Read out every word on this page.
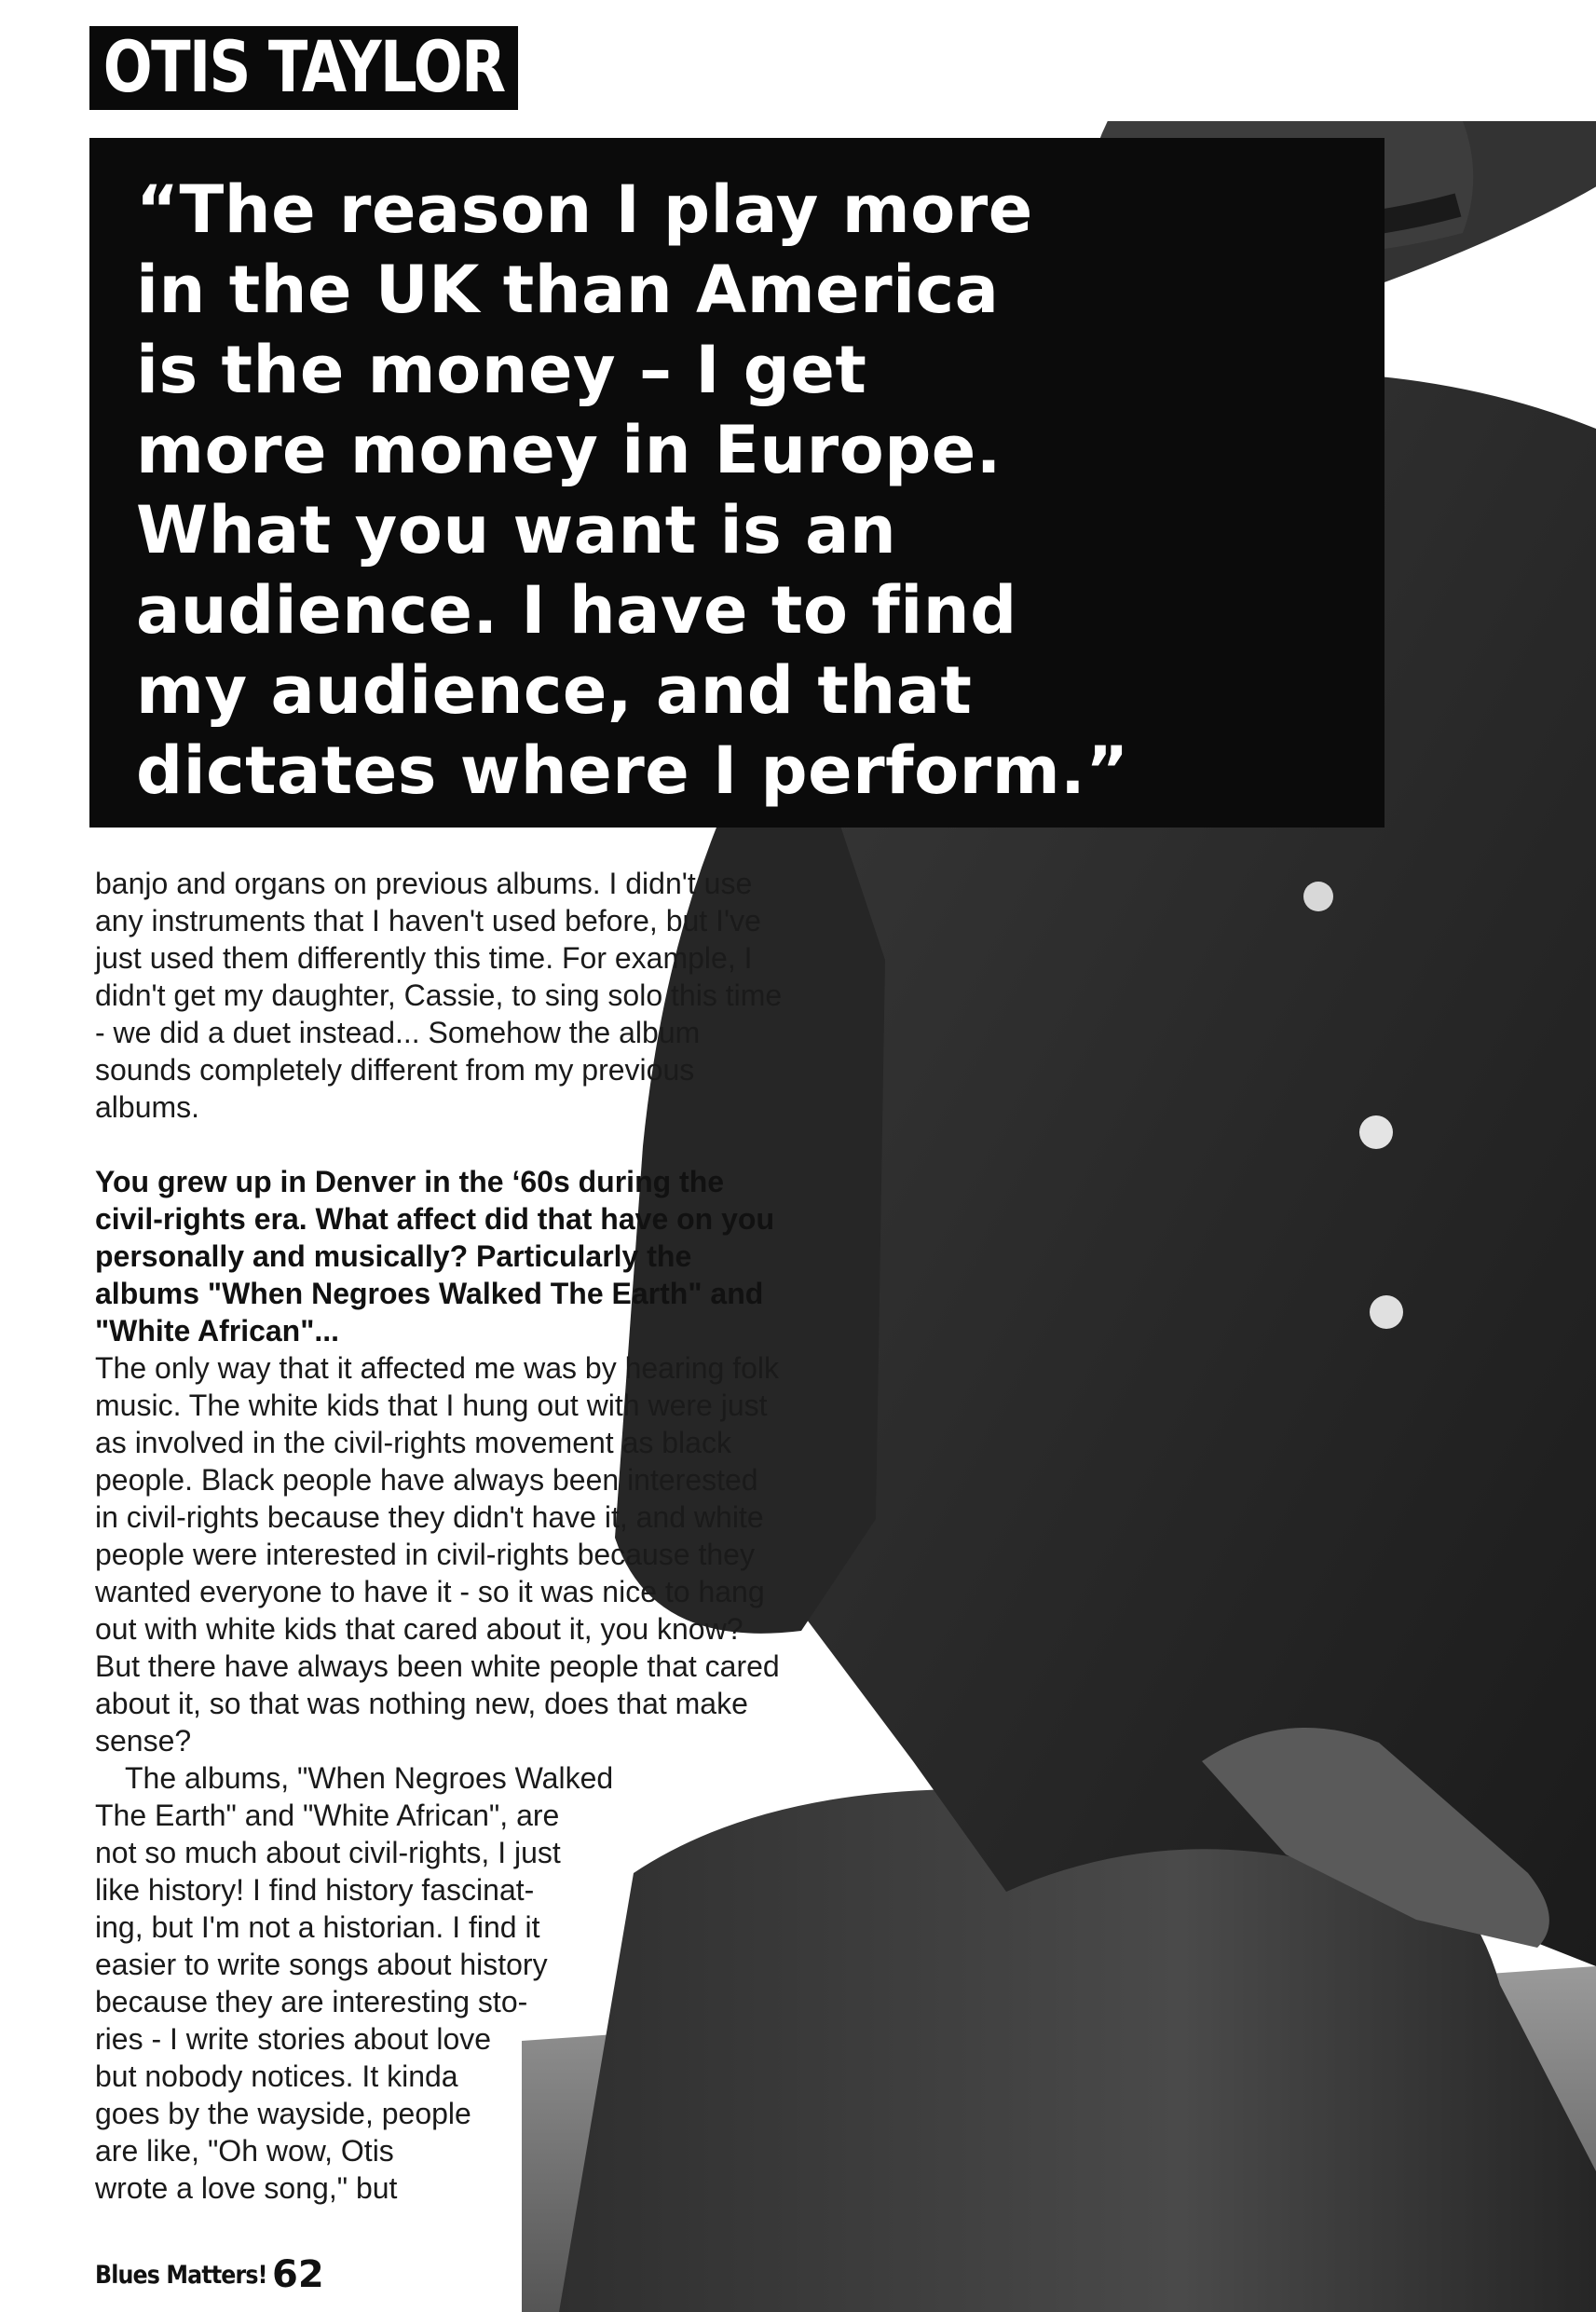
OTIS TAYLOR
“The reason I play more
in the UK than America
is the money – I get
more money in Europe.
What you want is an
audience. I have to find
my audience, and that
dictates where I perform.”

banjo and organs on previous albums. I didn't use any instruments that I haven't used before, but I've just used them differently this time. For example, I didn't get my daughter, Cassie, to sing solo this time - we did a duet instead... Somehow the album sounds completely different from my previous albums.

You grew up in Denver in the ‘60s during the civil-rights era. What affect did that have on you personally and musically? Particularly the albums "When Negroes Walked The Earth" and "White African"...

The only way that it affected me was by hearing folk music. The white kids that I hung out with were just as involved in the civil-rights movement as black people. Black people have always been interested in civil-rights because they didn't have it, and white people were interested in civil-rights because they wanted everyone to have it - so it was nice to hang out with white kids that cared about it, you know? But there have always been white people that cared about it, so that was nothing new, does that make sense?

The albums, "When Negroes Walked
The Earth" and "White African", are
not so much about civil-rights, I just
like history! I find history fascinat-
ing, but I'm not a historian. I find it
easier to write songs about history
because they are interesting sto-
ries - I write stories about love
but nobody notices. It kinda
goes by the wayside, people
are like, "Oh wow, Otis
wrote a love song," but

Blues Matters! 62
